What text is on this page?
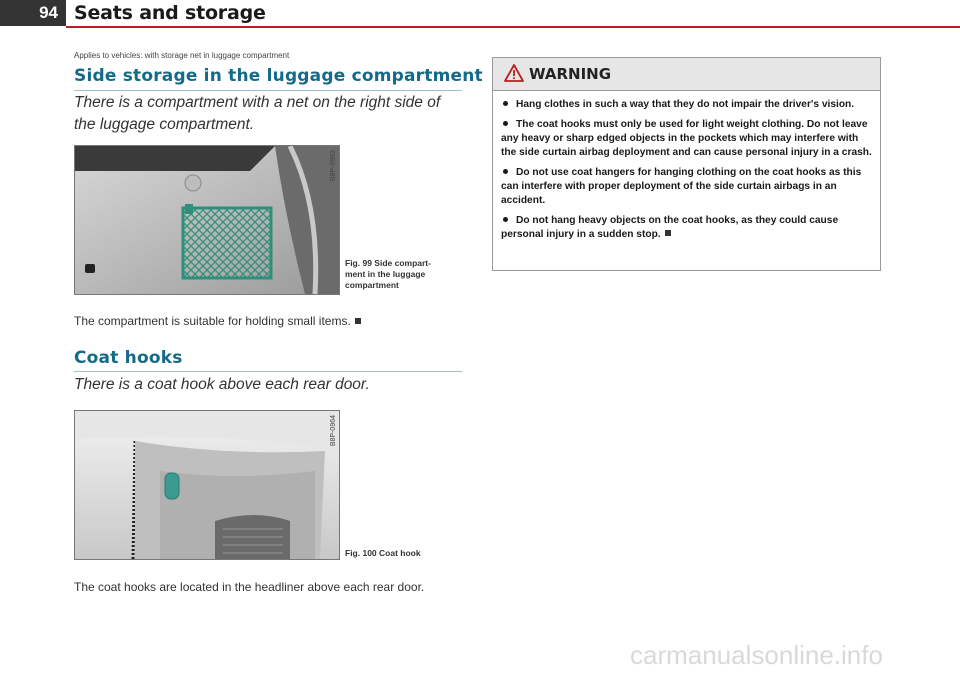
94 Seats and storage
Applies to vehicles: with storage net in luggage compartment
Side storage in the luggage compartment
There is a compartment with a net on the right side of the luggage compartment.
B8P-0963
Fig. 99 Side compart-
ment in the luggage
compartment
The compartment is suitable for holding small items.
Coat hooks
There is a coat hook above each rear door.
B8P-0964
Fig. 100 Coat hook
The coat hooks are located in the headliner above each rear door.
WARNING
Hang clothes in such a way that they do not impair the driver's vision.
The coat hooks must only be used for light weight clothing. Do not leave any heavy or sharp edged objects in the pockets which may interfere with the side curtain airbag deployment and can cause personal injury in a crash.
Do not use coat hangers for hanging clothing on the coat hooks as this can interfere with proper deployment of the side curtain airbags in an accident.
Do not hang heavy objects on the coat hooks, as they could cause personal injury in a sudden stop.
carmanualsonline.info
